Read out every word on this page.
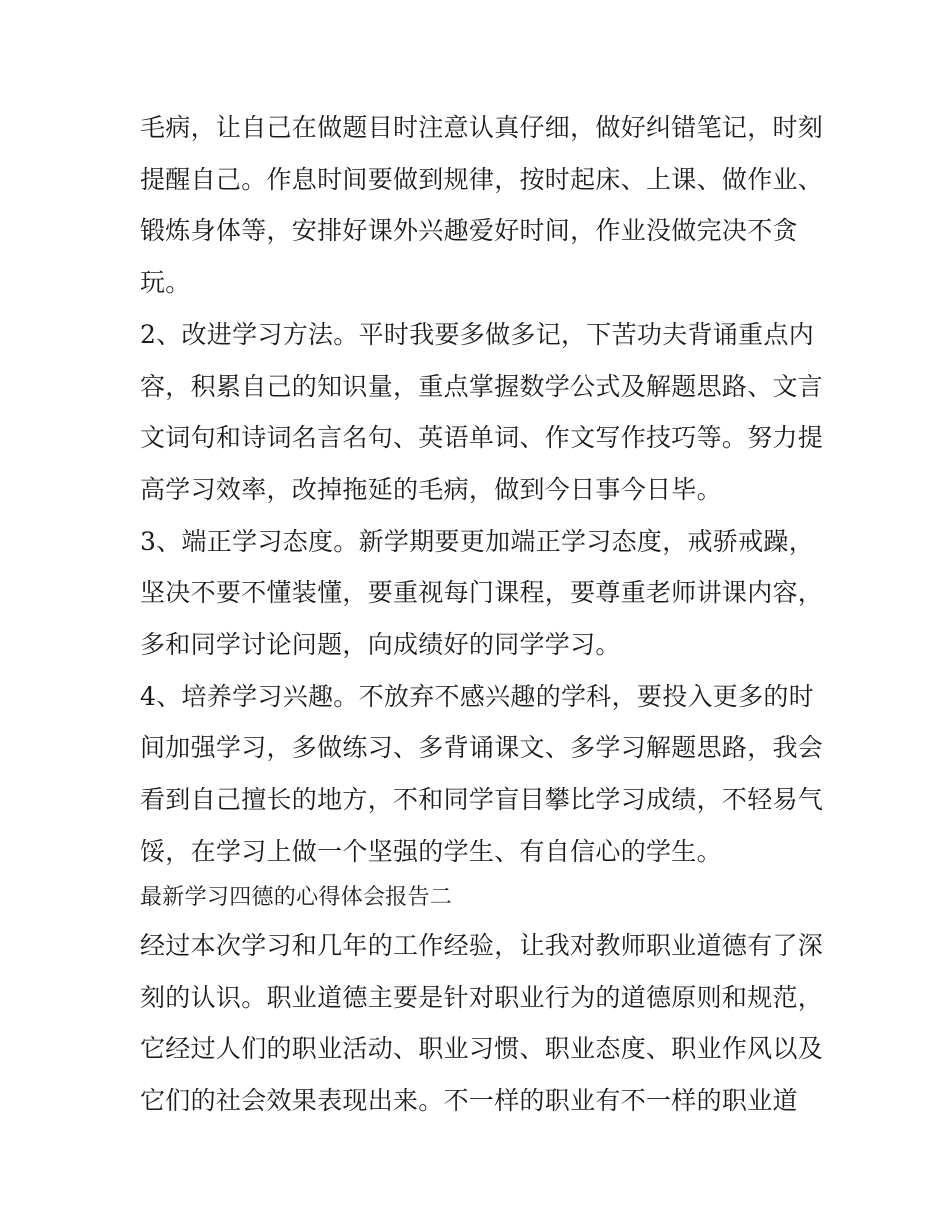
毛病，让自己在做题目时注意认真仔细，做好纠错笔记，时刻
提醒自己。作息时间要做到规律，按时起床、上课、做作业、
锻炼身体等，安排好课外兴趣爱好时间，作业没做完决不贪
玩。
2、改进学习方法。平时我要多做多记，下苦功夫背诵重点内
容，积累自己的知识量，重点掌握数学公式及解题思路、文言
文词句和诗词名言名句、英语单词、作文写作技巧等。努力提
高学习效率，改掉拖延的毛病，做到今日事今日毕。
3、端正学习态度。新学期要更加端正学习态度，戒骄戒躁，
坚决不要不懂装懂，要重视每门课程，要尊重老师讲课内容，
多和同学讨论问题，向成绩好的同学学习。
4、培养学习兴趣。不放弃不感兴趣的学科，要投入更多的时
间加强学习，多做练习、多背诵课文、多学习解题思路，我会
看到自己擅长的地方，不和同学盲目攀比学习成绩，不轻易气
馁，在学习上做一个坚强的学生、有自信心的学生。
最新学习四德的心得体会报告二
经过本次学习和几年的工作经验，让我对教师职业道德有了深
刻的认识。职业道德主要是针对职业行为的道德原则和规范，
它经过人们的职业活动、职业习惯、职业态度、职业作风以及
它们的社会效果表现出来。不一样的职业有不一样的职业道
